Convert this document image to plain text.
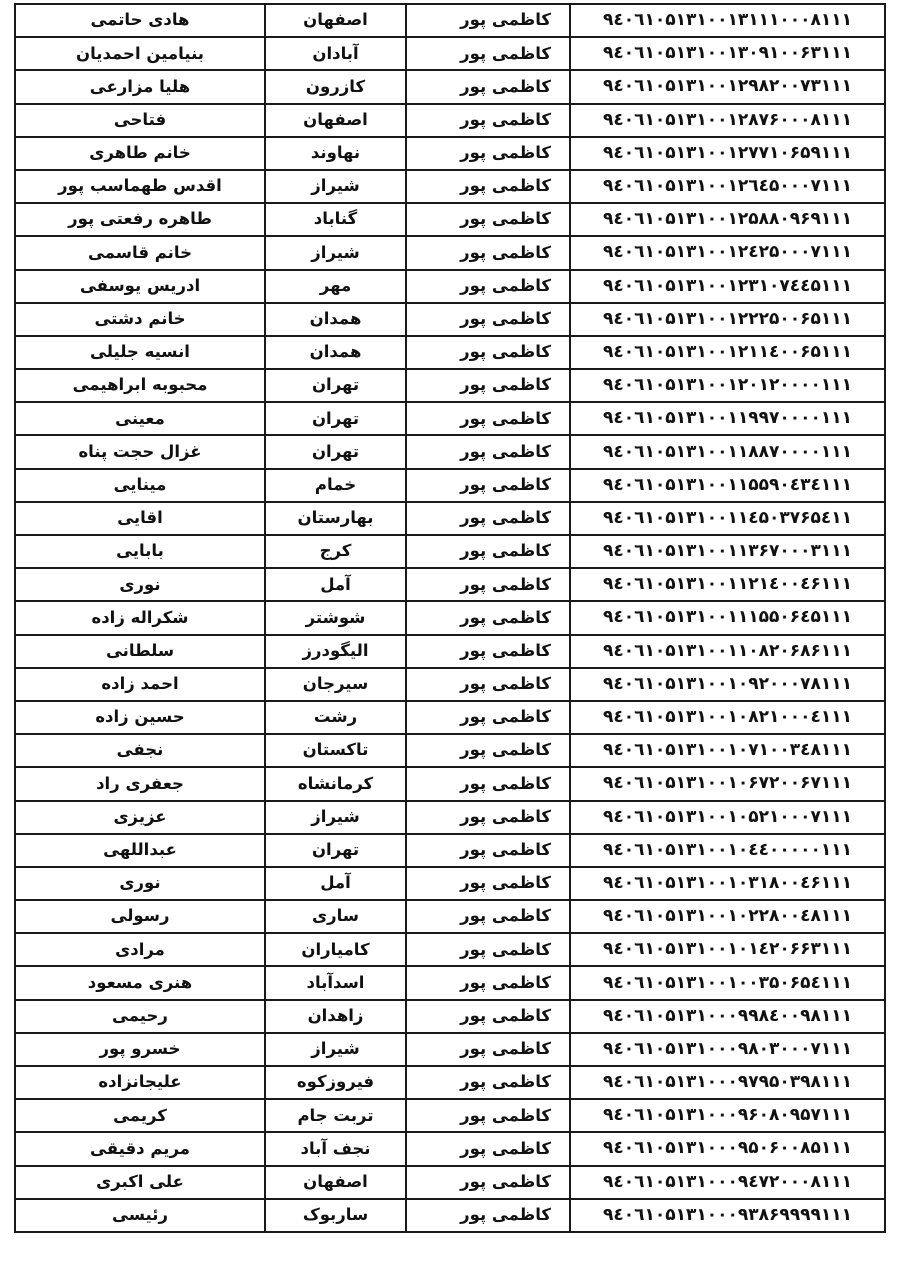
۹٤۰٦۱۰۵۱۳۱۰۰۱۳۱۱۱۰۰۰۸۱۱۱	کاظمی پور	اصفهان	هادی حاتمی
۹٤۰٦۱۰۵۱۳۱۰۰۱۳۰۹۱۰۰۶۳۱۱۱	کاظمی پور	آبادان	بنیامین احمدیان
۹٤۰٦۱۰۵۱۳۱۰۰۱۲۹۸۲۰۰۷۳۱۱۱	کاظمی پور	کازرون	هلیا مزارعی
۹٤۰٦۱۰۵۱۳۱۰۰۱۲۸۷۶۰۰۰۸۱۱۱	کاظمی پور	اصفهان	فتاحی
۹٤۰٦۱۰۵۱۳۱۰۰۱۲۷۷۱۰۶۵۹۱۱۱	کاظمی پور	نهاوند	خانم طاهری
۹٤۰٦۱۰۵۱۳۱۰۰۱۲٦٤۵۰۰۰۷۱۱۱	کاظمی پور	شیراز	اقدس طهماسب پور
۹٤۰٦۱۰۵۱۳۱۰۰۱۲۵۸۸۰۹۶۹۱۱۱	کاظمی پور	گناباد	طاهره رفعتی پور
۹٤۰٦۱۰۵۱۳۱۰۰۱۲٤۲۵۰۰۰۷۱۱۱	کاظمی پور	شیراز	خانم قاسمی
۹٤۰٦۱۰۵۱۳۱۰۰۱۲۳۱۰۷٤٤۵۱۱۱	کاظمی پور	مهر	ادریس یوسفی
۹٤۰٦۱۰۵۱۳۱۰۰۱۲۲۲۵۰۰۶۵۱۱۱	کاظمی پور	همدان	خانم دشتی
۹٤۰٦۱۰۵۱۳۱۰۰۱۲۱۱٤۰۰۶۵۱۱۱	کاظمی پور	همدان	انسیه جلیلی
۹٤۰٦۱۰۵۱۳۱۰۰۱۲۰۱۲۰۰۰۰۱۱۱	کاظمی پور	تهران	محبوبه ابراهیمی
۹٤۰٦۱۰۵۱۳۱۰۰۱۱۹۹۷۰۰۰۰۱۱۱	کاظمی پور	تهران	معینی
۹٤۰٦۱۰۵۱۳۱۰۰۱۱۸۸۷۰۰۰۰۱۱۱	کاظمی پور	تهران	غزال حجت پناه
۹٤۰٦۱۰۵۱۳۱۰۰۱۱۵۵۹۰٤۳٤۱۱۱	کاظمی پور	خمام	مینایی
۹٤۰٦۱۰۵۱۳۱۰۰۱۱٤۵۰۳۷۶۵٤۱۱	کاظمی پور	بهارستان	اقایی
۹٤۰٦۱۰۵۱۳۱۰۰۱۱۳۶۷۰۰۰۳۱۱۱	کاظمی پور	کرج	بابایی
۹٤۰٦۱۰۵۱۳۱۰۰۱۱۲۱٤۰۰٤۶۱۱۱	کاظمی پور	آمل	نوری
۹٤۰٦۱۰۵۱۳۱۰۰۱۱۱۵۵۰۶٤۵۱۱۱	کاظمی پور	شوشتر	شکراله زاده
۹٤۰٦۱۰۵۱۳۱۰۰۱۱۰۸۲۰۶۸۶۱۱۱	کاظمی پور	الیگودرز	سلطانی
۹٤۰٦۱۰۵۱۳۱۰۰۱۰۹۲۰۰۰۷۸۱۱۱	کاظمی پور	سیرجان	احمد زاده
۹٤۰٦۱۰۵۱۳۱۰۰۱۰۸۲۱۰۰۰٤۱۱۱	کاظمی پور	رشت	حسین زاده
۹٤۰٦۱۰۵۱۳۱۰۰۱۰۷۱۰۰۳٤۸۱۱۱	کاظمی پور	تاکستان	نجفی
۹٤۰٦۱۰۵۱۳۱۰۰۱۰۶۷۲۰۰۶۷۱۱۱	کاظمی پور	کرمانشاه	جعفری راد
۹٤۰٦۱۰۵۱۳۱۰۰۱۰۵۲۱۰۰۰۷۱۱۱	کاظمی پور	شیراز	عزیزی
۹٤۰٦۱۰۵۱۳۱۰۰۱۰٤٤۰۰۰۰۰۱۱۱	کاظمی پور	تهران	عبداللهی
۹٤۰٦۱۰۵۱۳۱۰۰۱۰۳۱۸۰۰٤۶۱۱۱	کاظمی پور	آمل	نوری
۹٤۰٦۱۰۵۱۳۱۰۰۱۰۲۲۸۰۰٤۸۱۱۱	کاظمی پور	ساری	رسولی
۹٤۰٦۱۰۵۱۳۱۰۰۱۰۱٤۲۰۶۶۳۱۱۱	کاظمی پور	کامیاران	مرادی
۹٤۰٦۱۰۵۱۳۱۰۰۱۰۰۳۵۰۶۵٤۱۱۱	کاظمی پور	اسدآباد	هنری مسعود
۹٤۰٦۱۰۵۱۳۱۰۰۰۹۹۸٤۰۰۹۸۱۱۱	کاظمی پور	زاهدان	رحیمی
۹٤۰٦۱۰۵۱۳۱۰۰۰۹۸۰۳۰۰۰۷۱۱۱	کاظمی پور	شیراز	خسرو پور
۹٤۰٦۱۰۵۱۳۱۰۰۰۹۷۹۵۰۳۹۸۱۱۱	کاظمی پور	فیروزکوه	علیجانزاده
۹٤۰٦۱۰۵۱۳۱۰۰۰۹۶۰۸۰۹۵۷۱۱۱	کاظمی پور	تربت جام	کریمی
۹٤۰٦۱۰۵۱۳۱۰۰۰۹۵۰۶۰۰۸۵۱۱۱	کاظمی پور	نجف آباد	مریم دقیقی
۹٤۰٦۱۰۵۱۳۱۰۰۰۹٤۷۲۰۰۰۸۱۱۱	کاظمی پور	اصفهان	علی اکبری
۹٤۰٦۱۰۵۱۳۱۰۰۰۹۳۸۶۹۹۹۹۱۱۱	کاظمی پور	ساربوک	رئیسی
